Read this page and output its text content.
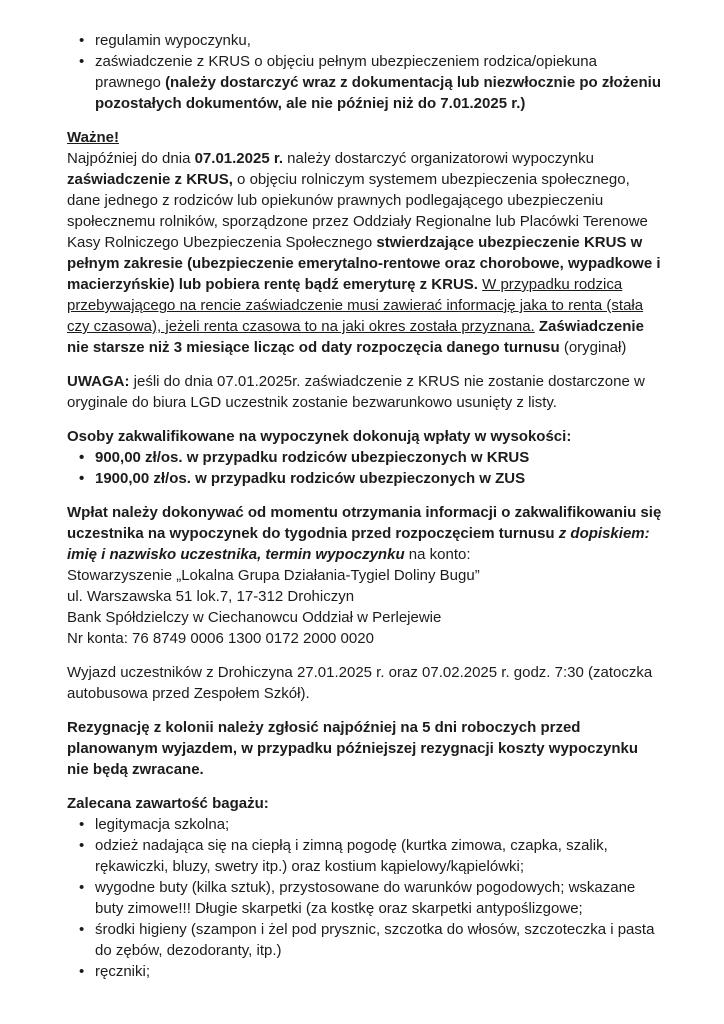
• regulamin wypoczynku,
• zaświadczenie z KRUS o objęciu pełnym ubezpieczeniem rodzica/opiekuna prawnego (należy dostarczyć wraz z dokumentacją lub niezwłocznie po złożeniu pozostałych dokumentów, ale nie później niż do 7.01.2025 r.)

Ważne!

Najpóźniej do dnia 07.01.2025 r. należy dostarczyć organizatorowi wypoczynku zaświadczenie z KRUS, o objęciu rolniczym systemem ubezpieczenia społecznego, dane jednego z rodziców lub opiekunów prawnych podlegającego ubezpieczeniu społecznemu rolników, sporządzone przez Oddziały Regionalne lub Placówki Terenowe Kasy Rolniczego Ubezpieczenia Społecznego stwierdzające ubezpieczenie KRUS w pełnym zakresie (ubezpieczenie emerytalno-rentowe oraz chorobowe, wypadkowe i macierzyńskie) lub pobiera rentę bądź emeryturę z KRUS. W przypadku rodzica przebywającego na rencie zaświadczenie musi zawierać informację jaka to renta (stała czy czasowa), jeżeli renta czasowa to na jaki okres została przyznana. Zaświadczenie nie starsze niż 3 miesiące licząc od daty rozpoczęcia danego turnusu (oryginał)

UWAGA: jeśli do dnia 07.01.2025r. zaświadczenie z KRUS nie zostanie dostarczone w oryginale do biura LGD uczestnik zostanie bezwarunkowo usunięty z listy.

Osoby zakwalifikowane na wypoczynek dokonują wpłaty w wysokości:

• 900,00 zł/os. w przypadku rodziców ubezpieczonych w KRUS
• 1900,00 zł/os. w przypadku rodziców ubezpieczonych w ZUS

Wpłat należy dokonywać od momentu otrzymania informacji o zakwalifikowaniu się uczestnika na wypoczynek do tygodnia przed rozpoczęciem turnusu z dopiskiem: imię i nazwisko uczestnika, termin wypoczynku na konto:

Stowarzyszenie „Lokalna Grupa Działania-Tygiel Doliny Bugu”
ul. Warszawska 51 lok.7, 17-312 Drohiczyn
Bank Spółdzielczy w Ciechanowcu Oddział w Perlejewie
Nr konta: 76 8749 0006 1300 0172 2000 0020

Wyjazd uczestników z Drohiczyna 27.01.2025 r. oraz 07.02.2025 r. godz. 7:30 (zatoczka autobusowa przed Zespołem Szkół).

Rezygnację z kolonii należy zgłosić najpóźniej na 5 dni roboczych przed planowanym wyjazdem, w przypadku późniejszej rezygnacji koszty wypoczynku nie będą zwracane.

Zalecana zawartość bagażu:

• legitymacja szkolna;
• odzież nadająca się na ciepłą i zimną pogodę (kurtka zimowa, czapka, szalik, rękawiczki, bluzy, swetry itp.) oraz kostium kąpielowy/kąpielówki;
• wygodne buty (kilka sztuk), przystosowane do warunków pogodowych; wskazane buty zimowe!!! Długie skarpetki (za kostkę oraz skarpetki antypoślizgowe;
• środki higieny (szampon i żel pod prysznic, szczotka do włosów, szczoteczka i pasta do zębów, dezodoranty, itp.)
• ręczniki;
